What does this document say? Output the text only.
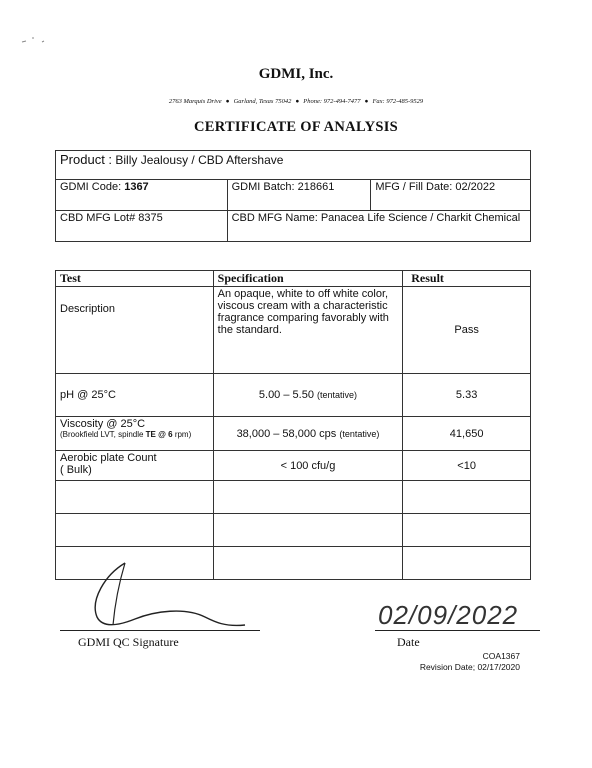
GDMI, Inc.
2763 Marquis Drive ● Garland, Texas 75042 ● Phone: 972-494-7477 ● Fax: 972-485-9529
CERTIFICATE OF ANALYSIS
Product : Billy Jealousy / CBD Aftershave		
GDMI Code: 1367	GDMI Batch: 218661	MFG / Fill Date: 02/2022
CBD MFG Lot# 8375	CBD MFG Name: Panacea Life Science / Charkit Chemical	
Test	Specification	Result
Description	An opaque, white to off white color, viscous cream with a characteristic fragrance comparing favorably with the standard.	Pass
pH @ 25°C	5.00 – 5.50 (tentative)	5.33

Viscosity @ 25°C
(Brookfield LVT, spindle TE @ 6 rpm)	38,000 – 58,000 cps (tentative)	41,650

Aerobic plate Count
( Bulk)	< 100 cfu/g	<10

GDMI QC Signature
02/09/2022
Date
COA1367
Revision Date; 02/17/2020
